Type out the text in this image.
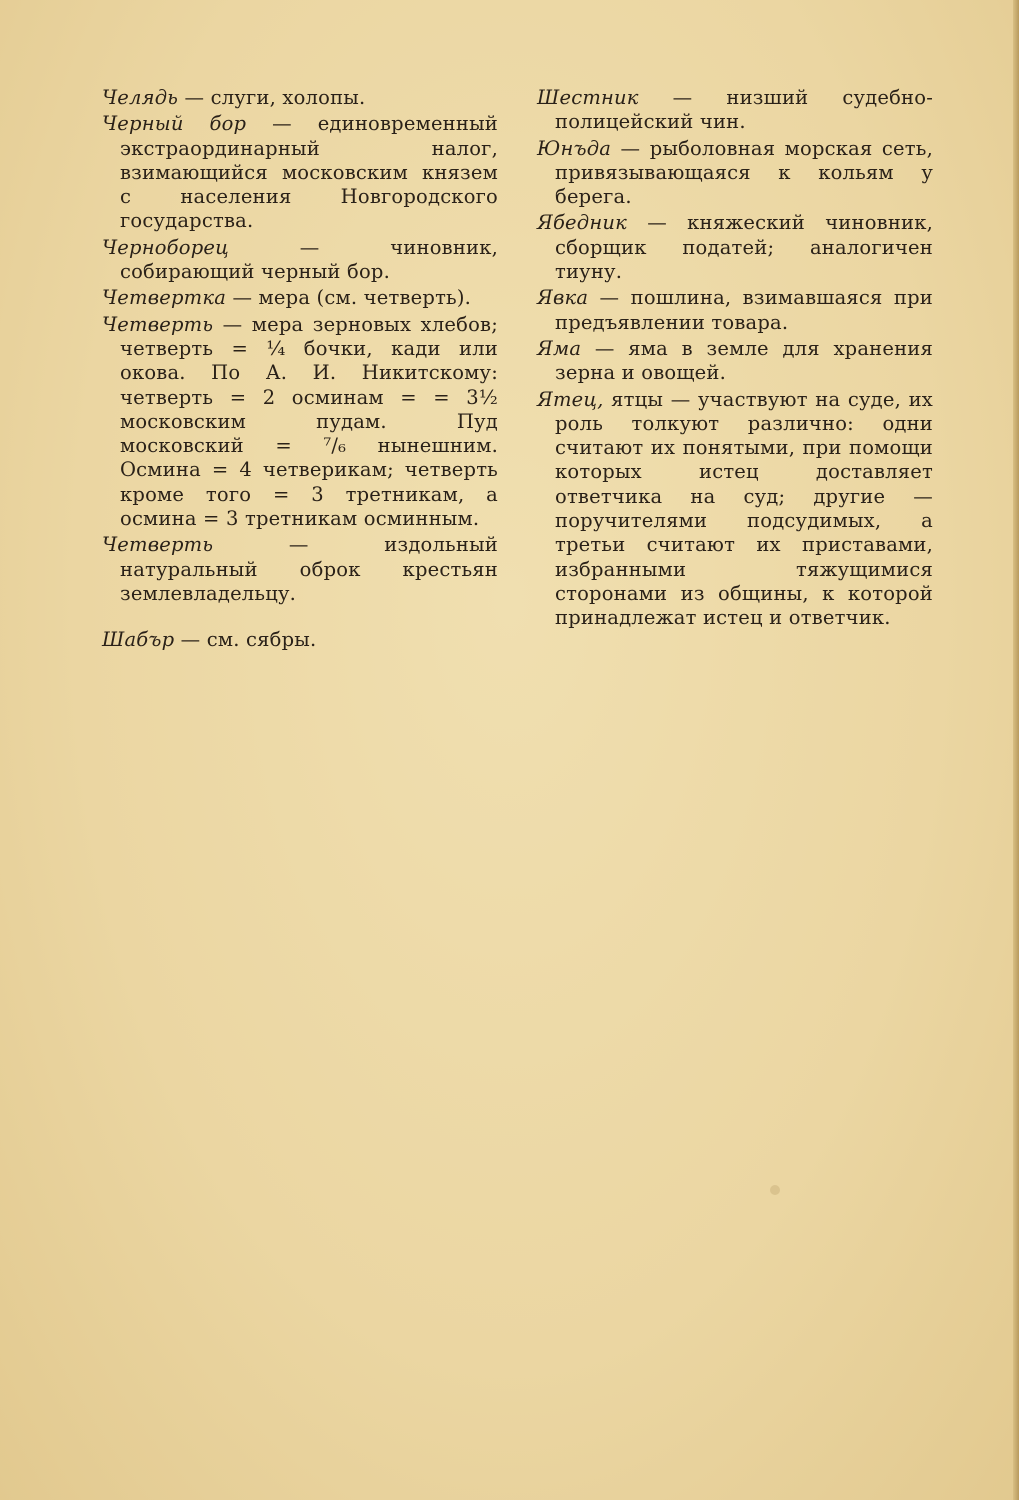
Челядь — слуги, холопы.

Черный бор — единовременный экстраординарный налог, взимающийся московским князем с населения Новгородского государства.

Черноборец — чиновник, собирающий черный бор.

Четвертка — мера (см. четверть).

Четверть — мера зерновых хлебов; четверть = ¼ бочки, кади или окова. По А. И. Никитскому: четверть = 2 осминам = = 3½ московским пудам. Пуд московский = ⁷/₆ нынешним. Осмина = 4 четверикам; четверть кроме того = 3 третникам, а осмина = 3 третникам осминным.

Четверть — издольный натуральный оброк крестьян землевладельцу.

Шабър — см. сябры.

Шестник — низший судебно-полицейский чин.

Юнъда — рыболовная морская сеть, привязывающаяся к кольям у берега.

Ябедник — княжеский чиновник, сборщик податей; аналогичен тиуну.

Явка — пошлина, взимавшаяся при предъявлении товара.

Яма — яма в земле для хранения зерна и овощей.

Ятец, ятцы — участвуют на суде, их роль толкуют различно: одни считают их понятыми, при помощи которых истец доставляет ответчика на суд; другие — поручителями подсудимых, а третьи считают их приставами, избранными тяжущимися сторонами из общины, к которой принадлежат истец и ответчик.
